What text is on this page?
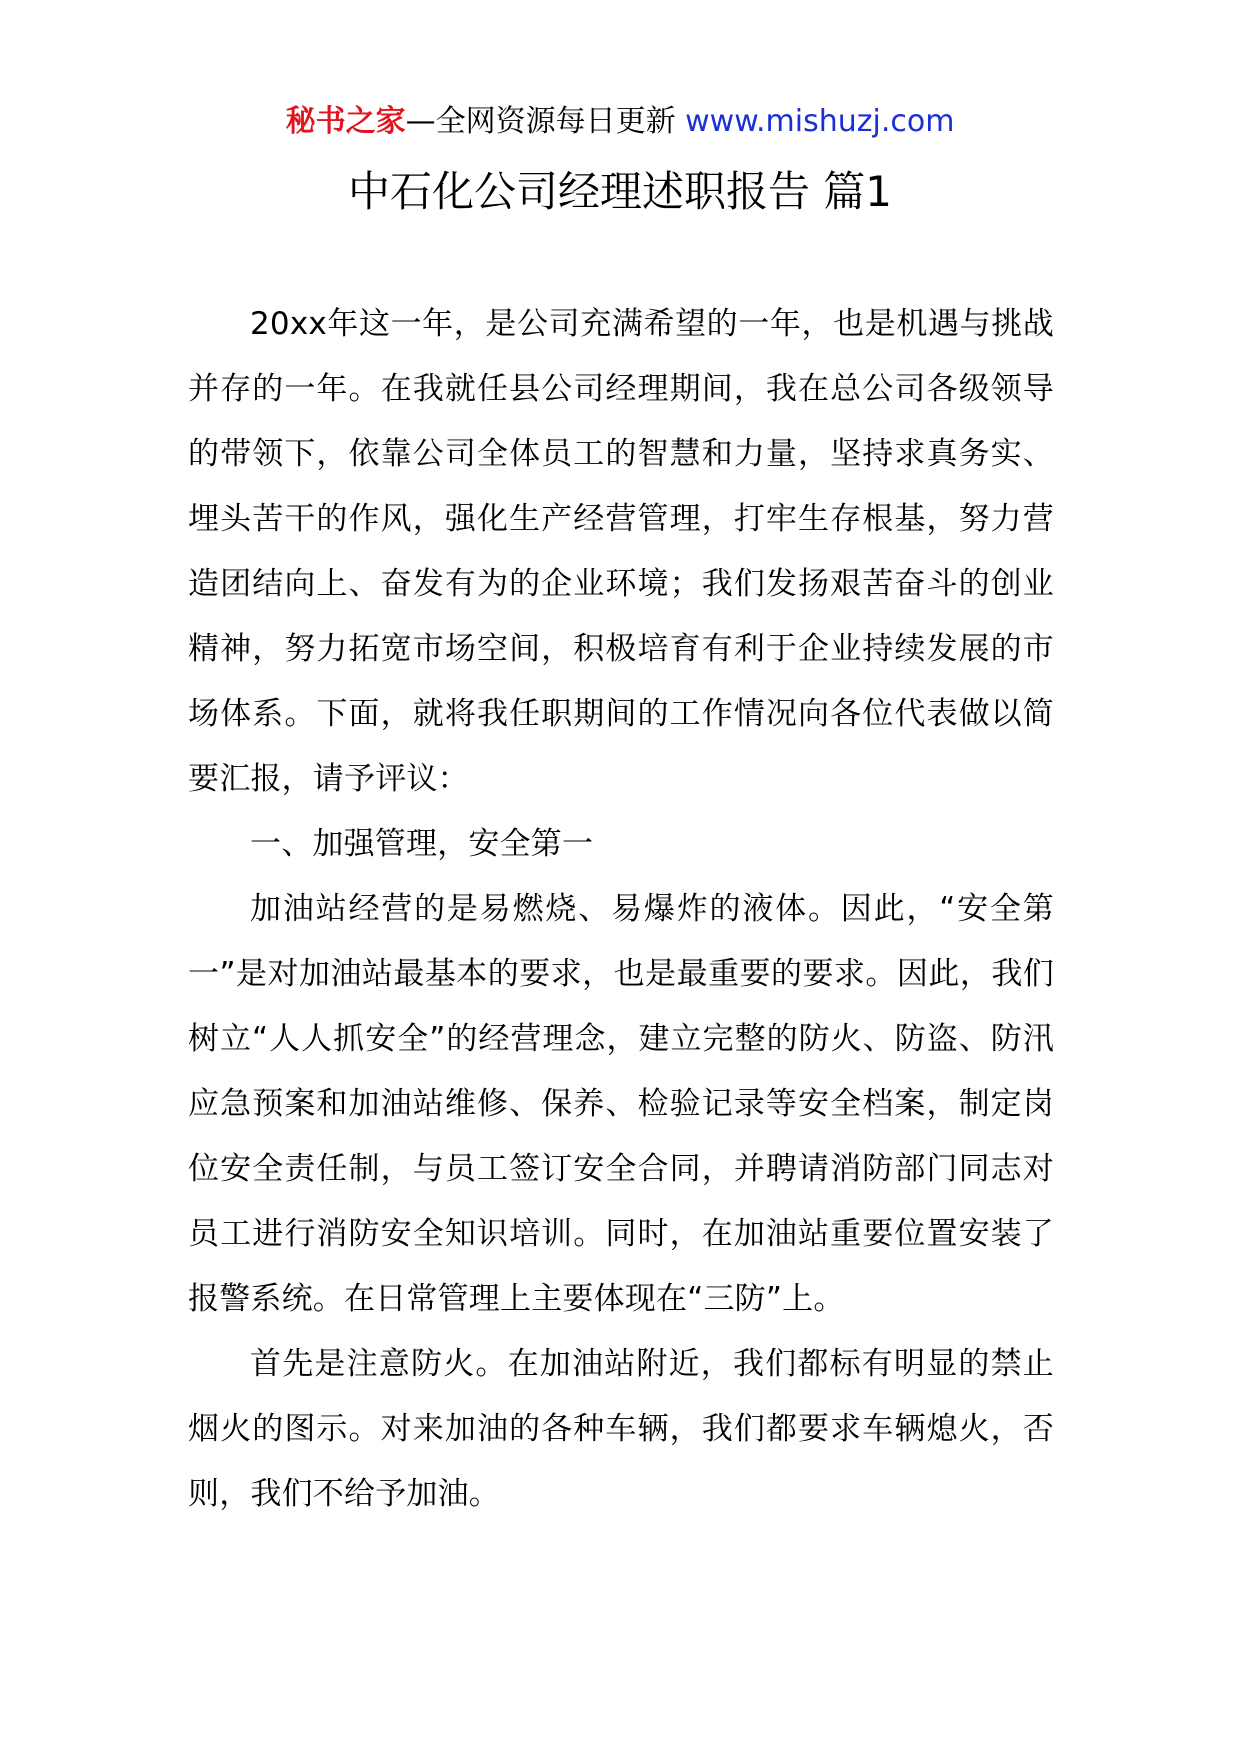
秘书之家—全网资源每日更新 www.mishuzj.com
中石化公司经理述职报告 篇1

20xx年这一年，是公司充满希望的一年，也是机遇与挑战并存的一年。在我就任县公司经理期间，我在总公司各级领导的带领下，依靠公司全体员工的智慧和力量，坚持求真务实、埋头苦干的作风，强化生产经营管理，打牢生存根基，努力营造团结向上、奋发有为的企业环境；我们发扬艰苦奋斗的创业精神，努力拓宽市场空间，积极培育有利于企业持续发展的市场体系。下面，就将我任职期间的工作情况向各位代表做以简要汇报，请予评议：

一、加强管理，安全第一

加油站经营的是易燃烧、易爆炸的液体。因此，“安全第一”是对加油站最基本的要求，也是最重要的要求。因此，我们树立“人人抓安全”的经营理念，建立完整的防火、防盗、防汛应急预案和加油站维修、保养、检验记录等安全档案，制定岗位安全责任制，与员工签订安全合同，并聘请消防部门同志对员工进行消防安全知识培训。同时，在加油站重要位置安装了报警系统。在日常管理上主要体现在“三防”上。

首先是注意防火。在加油站附近，我们都标有明显的禁止烟火的图示。对来加油的各种车辆，我们都要求车辆熄火，否则，我们不给予加油。
